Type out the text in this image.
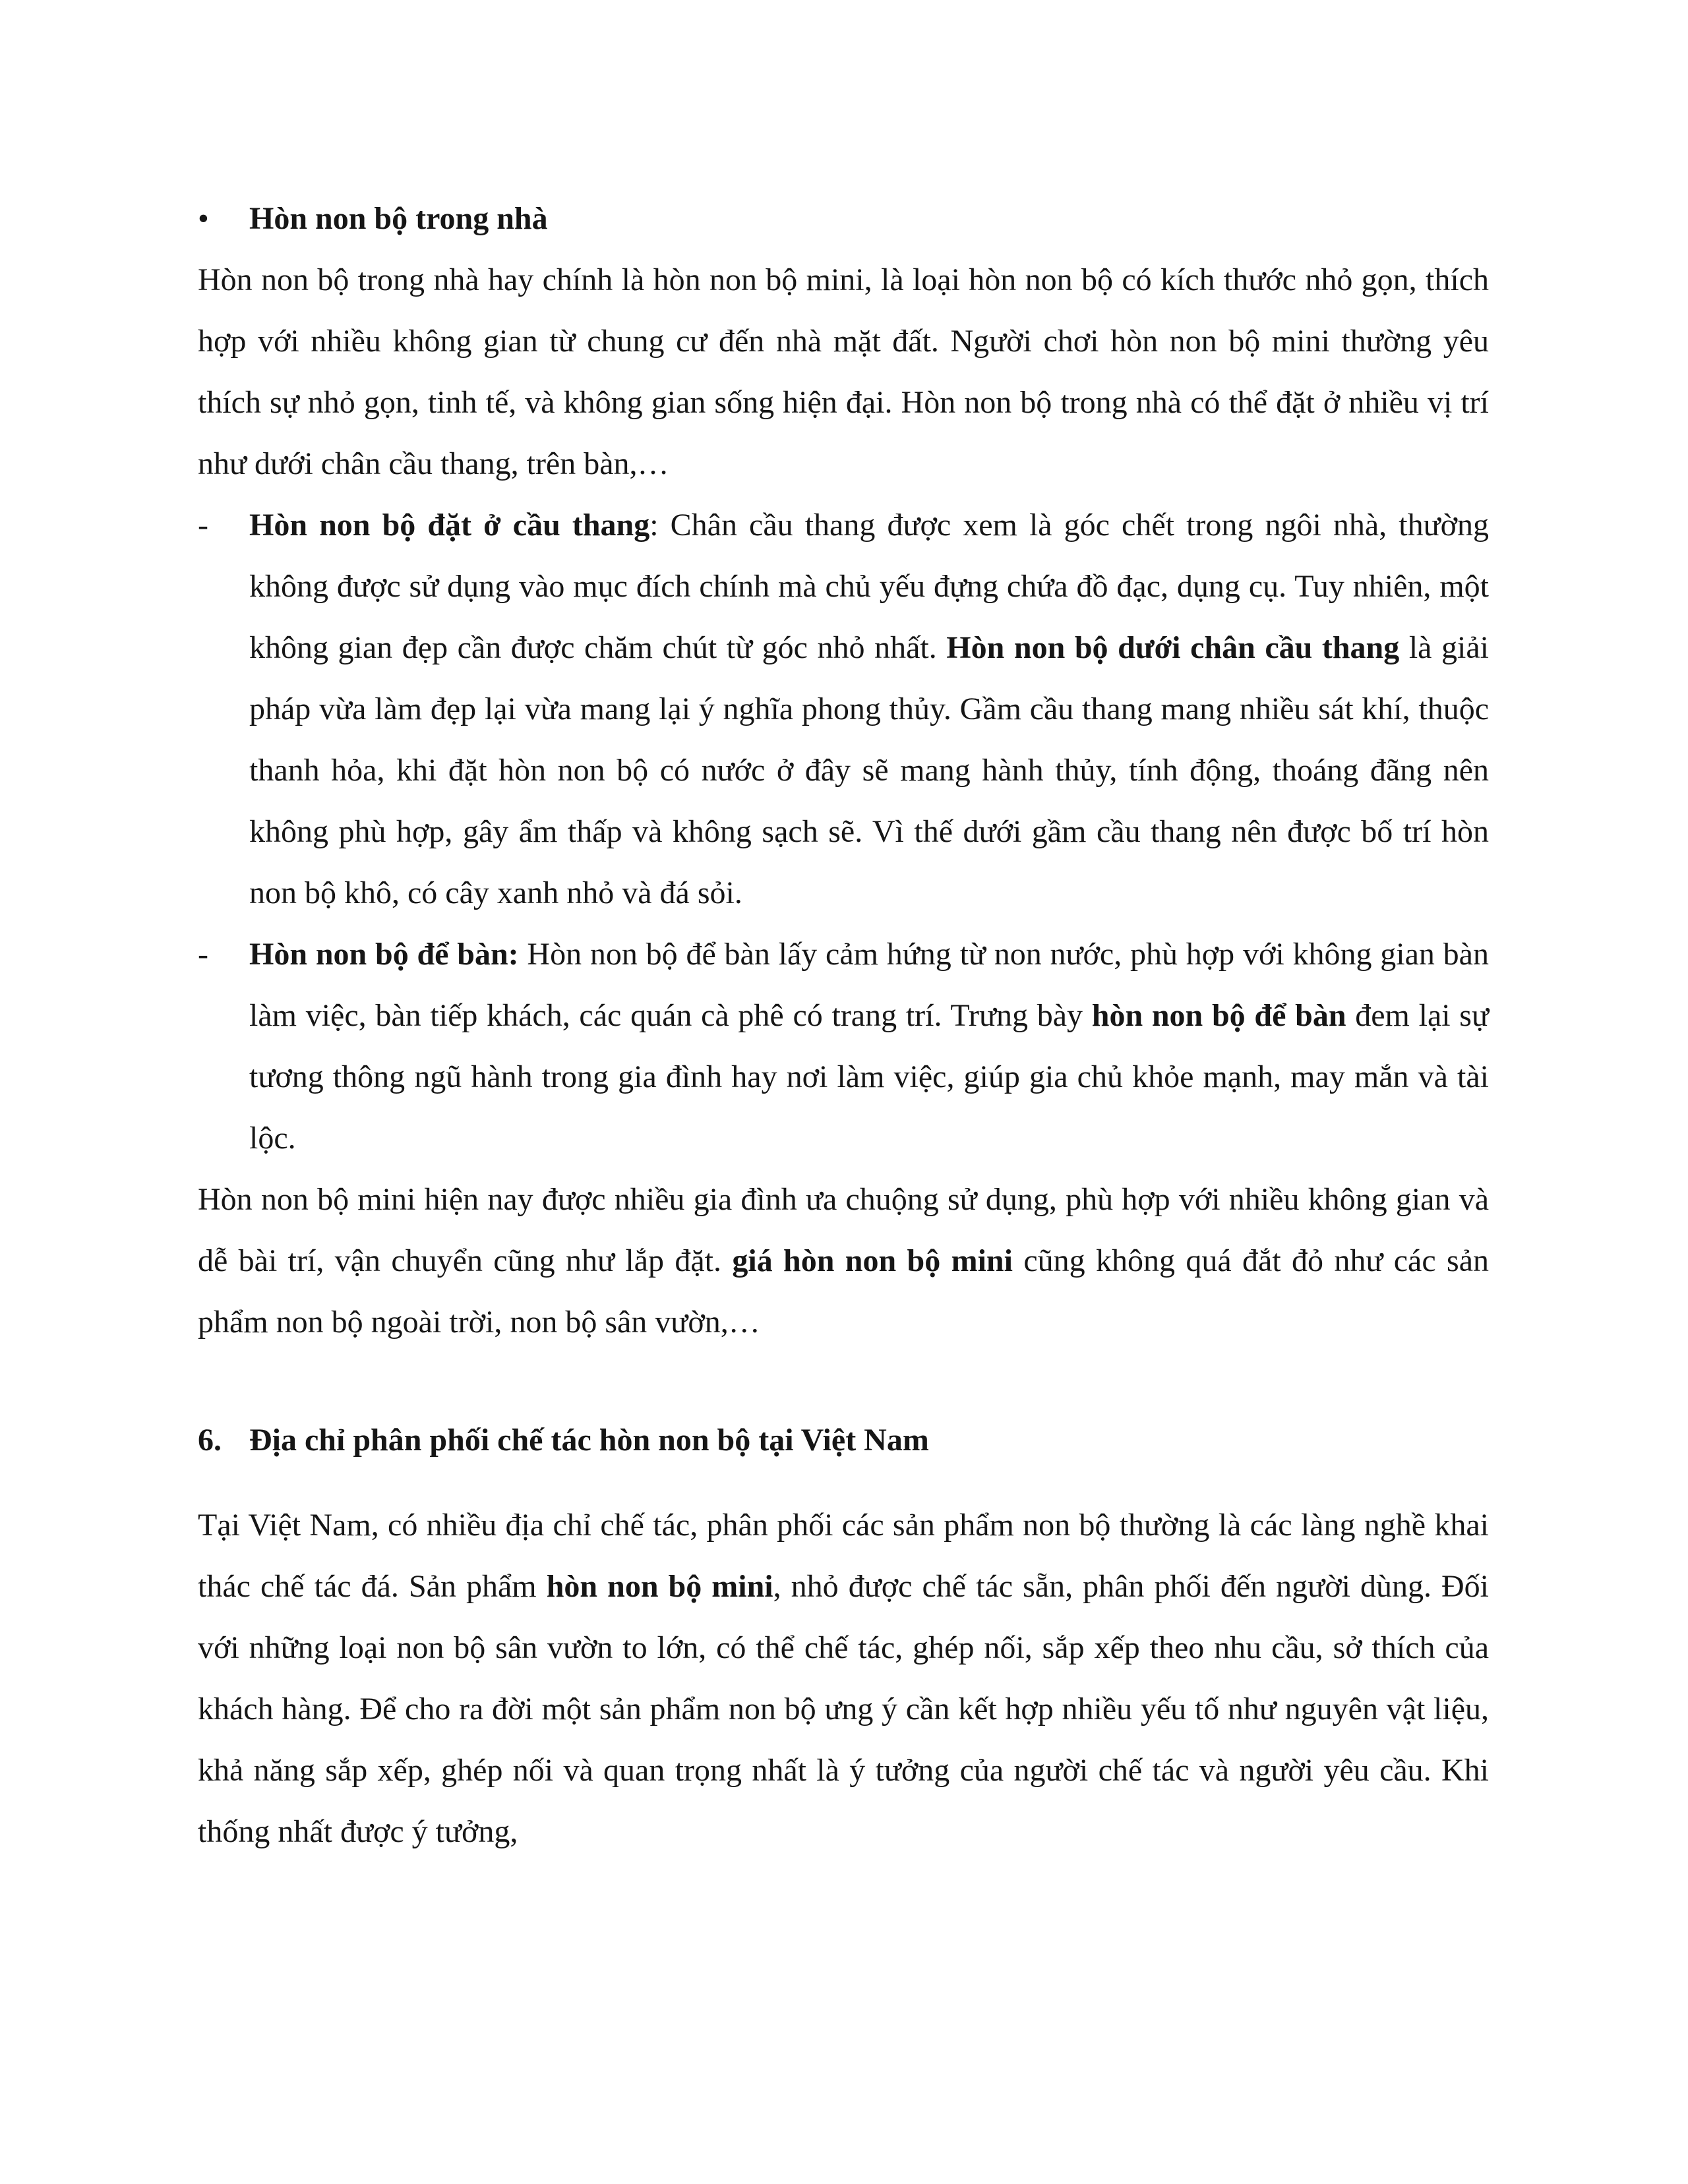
• Hòn non bộ trong nhà

Hòn non bộ trong nhà hay chính là hòn non bộ mini, là loại hòn non bộ có kích thước nhỏ gọn, thích hợp với nhiều không gian từ chung cư đến nhà mặt đất. Người chơi hòn non bộ mini thường yêu thích sự nhỏ gọn, tinh tế, và không gian sống hiện đại. Hòn non bộ trong nhà có thể đặt ở nhiều vị trí như dưới chân cầu thang, trên bàn,…

- Hòn non bộ đặt ở cầu thang: Chân cầu thang được xem là góc chết trong ngôi nhà, thường không được sử dụng vào mục đích chính mà chủ yếu đựng chứa đồ đạc, dụng cụ. Tuy nhiên, một không gian đẹp cần được chăm chút từ góc nhỏ nhất. Hòn non bộ dưới chân cầu thang là giải pháp vừa làm đẹp lại vừa mang lại ý nghĩa phong thủy. Gầm cầu thang mang nhiều sát khí, thuộc thanh hỏa, khi đặt hòn non bộ có nước ở đây sẽ mang hành thủy, tính động, thoáng đãng nên không phù hợp, gây ẩm thấp và không sạch sẽ. Vì thế dưới gầm cầu thang nên được bố trí hòn non bộ khô, có cây xanh nhỏ và đá sỏi.
- Hòn non bộ để bàn: Hòn non bộ để bàn lấy cảm hứng từ non nước, phù hợp với không gian bàn làm việc, bàn tiếp khách, các quán cà phê có trang trí. Trưng bày hòn non bộ để bàn đem lại sự tương thông ngũ hành trong gia đình hay nơi làm việc, giúp gia chủ khỏe mạnh, may mắn và tài lộc.

Hòn non bộ mini hiện nay được nhiều gia đình ưa chuộng sử dụng, phù hợp với nhiều không gian và dễ bài trí, vận chuyển cũng như lắp đặt. giá hòn non bộ mini cũng không quá đắt đỏ như các sản phẩm non bộ ngoài trời, non bộ sân vườn,…

6. Địa chỉ phân phối chế tác hòn non bộ tại Việt Nam

Tại Việt Nam, có nhiều địa chỉ chế tác, phân phối các sản phẩm non bộ thường là các làng nghề khai thác chế tác đá. Sản phẩm hòn non bộ mini, nhỏ được chế tác sẵn, phân phối đến người dùng. Đối với những loại non bộ sân vườn to lớn, có thể chế tác, ghép nối, sắp xếp theo nhu cầu, sở thích của khách hàng. Để cho ra đời một sản phẩm non bộ ưng ý cần kết hợp nhiều yếu tố như nguyên vật liệu, khả năng sắp xếp, ghép nối và quan trọng nhất là ý tưởng của người chế tác và người yêu cầu. Khi thống nhất được ý tưởng,
